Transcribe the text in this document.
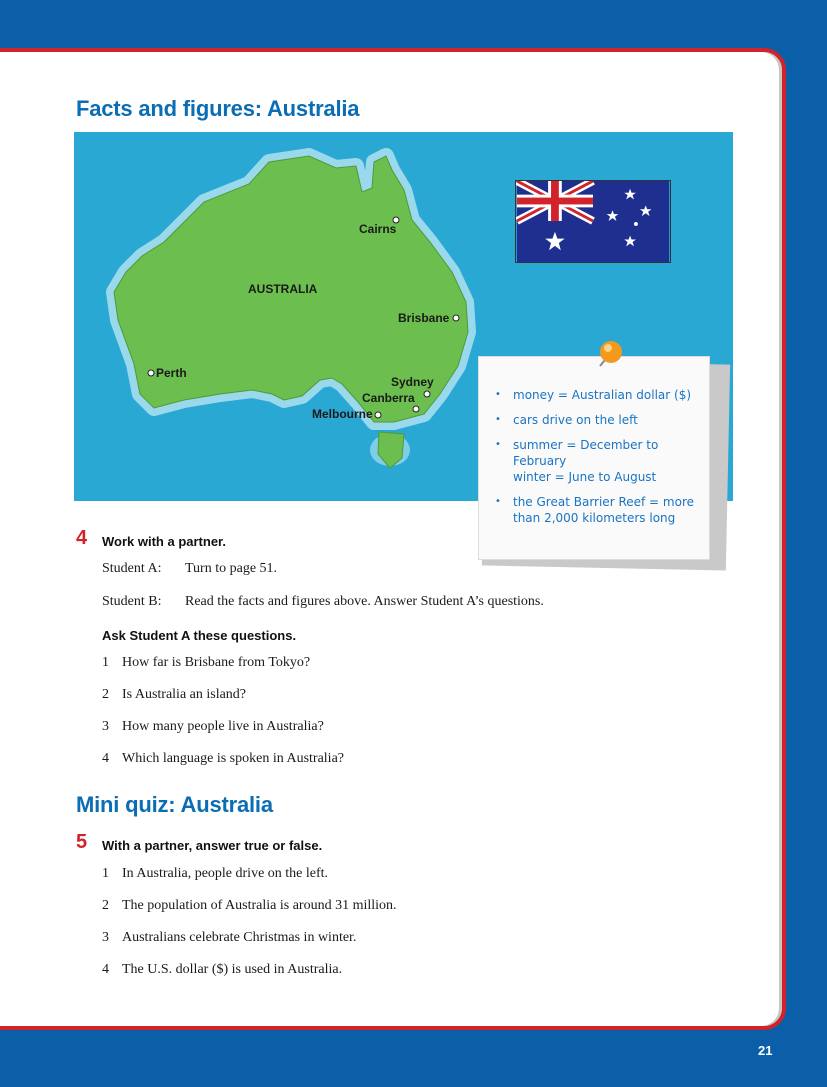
Facts and figures: Australia
AUSTRALIA
Cairns
Brisbane
Perth
Sydney
Canberra
Melbourne
• money = Australian dollar ($)
• cars drive on the left
• summer = December to February
winter = June to August
• the Great Barrier Reef = more than 2,000 kilometers long
4 Work with a partner.
Student A: Turn to page 51.
Student B: Read the facts and figures above. Answer Student A’s questions.
Ask Student A these questions.
1 How far is Brisbane from Tokyo?
2 Is Australia an island?
3 How many people live in Australia?
4 Which language is spoken in Australia?
Mini quiz: Australia
5 With a partner, answer true or false.
1 In Australia, people drive on the left.
2 The population of Australia is around 31 million.
3 Australians celebrate Christmas in winter.
4 The U.S. dollar ($) is used in Australia.
21
